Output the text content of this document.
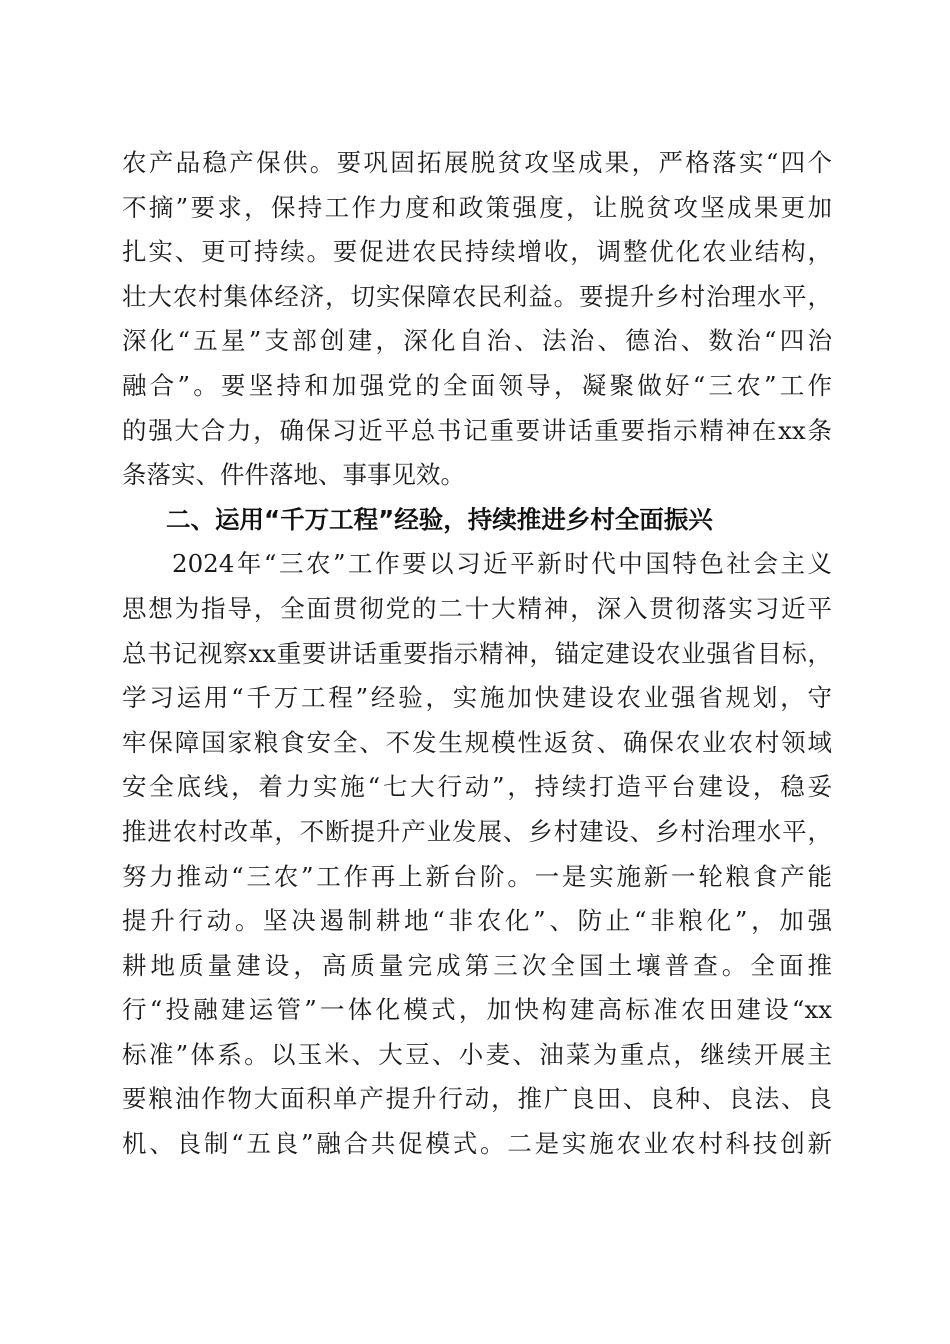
农产品稳产保供。要巩固拓展脱贫攻坚成果，严格落实“四个
不摘”要求，保持工作力度和政策强度，让脱贫攻坚成果更加
扎实、更可持续。要促进农民持续增收，调整优化农业结构，
壮大农村集体经济，切实保障农民利益。要提升乡村治理水平，
深化“五星”支部创建，深化自治、法治、德治、数治“四治
融合”。要坚持和加强党的全面领导，凝聚做好“三农”工作
的强大合力，确保习近平总书记重要讲话重要指示精神在xx条
条落实、件件落地、事事见效。
二、运用“千万工程”经验，持续推进乡村全面振兴
2024年“三农”工作要以习近平新时代中国特色社会主义
思想为指导，全面贯彻党的二十大精神，深入贯彻落实习近平
总书记视察xx重要讲话重要指示精神，锚定建设农业强省目标，
学习运用“千万工程”经验，实施加快建设农业强省规划，守
牢保障国家粮食安全、不发生规模性返贫、确保农业农村领域
安全底线，着力实施“七大行动”，持续打造平台建设，稳妥
推进农村改革，不断提升产业发展、乡村建设、乡村治理水平，
努力推动“三农”工作再上新台阶。一是实施新一轮粮食产能
提升行动。坚决遏制耕地“非农化”、防止“非粮化”，加强
耕地质量建设，高质量完成第三次全国土壤普查。全面推
行“投融建运管”一体化模式，加快构建高标准农田建设“xx
标准”体系。以玉米、大豆、小麦、油菜为重点，继续开展主
要粮油作物大面积单产提升行动，推广良田、良种、良法、良
机、良制“五良”融合共促模式。二是实施农业农村科技创新
